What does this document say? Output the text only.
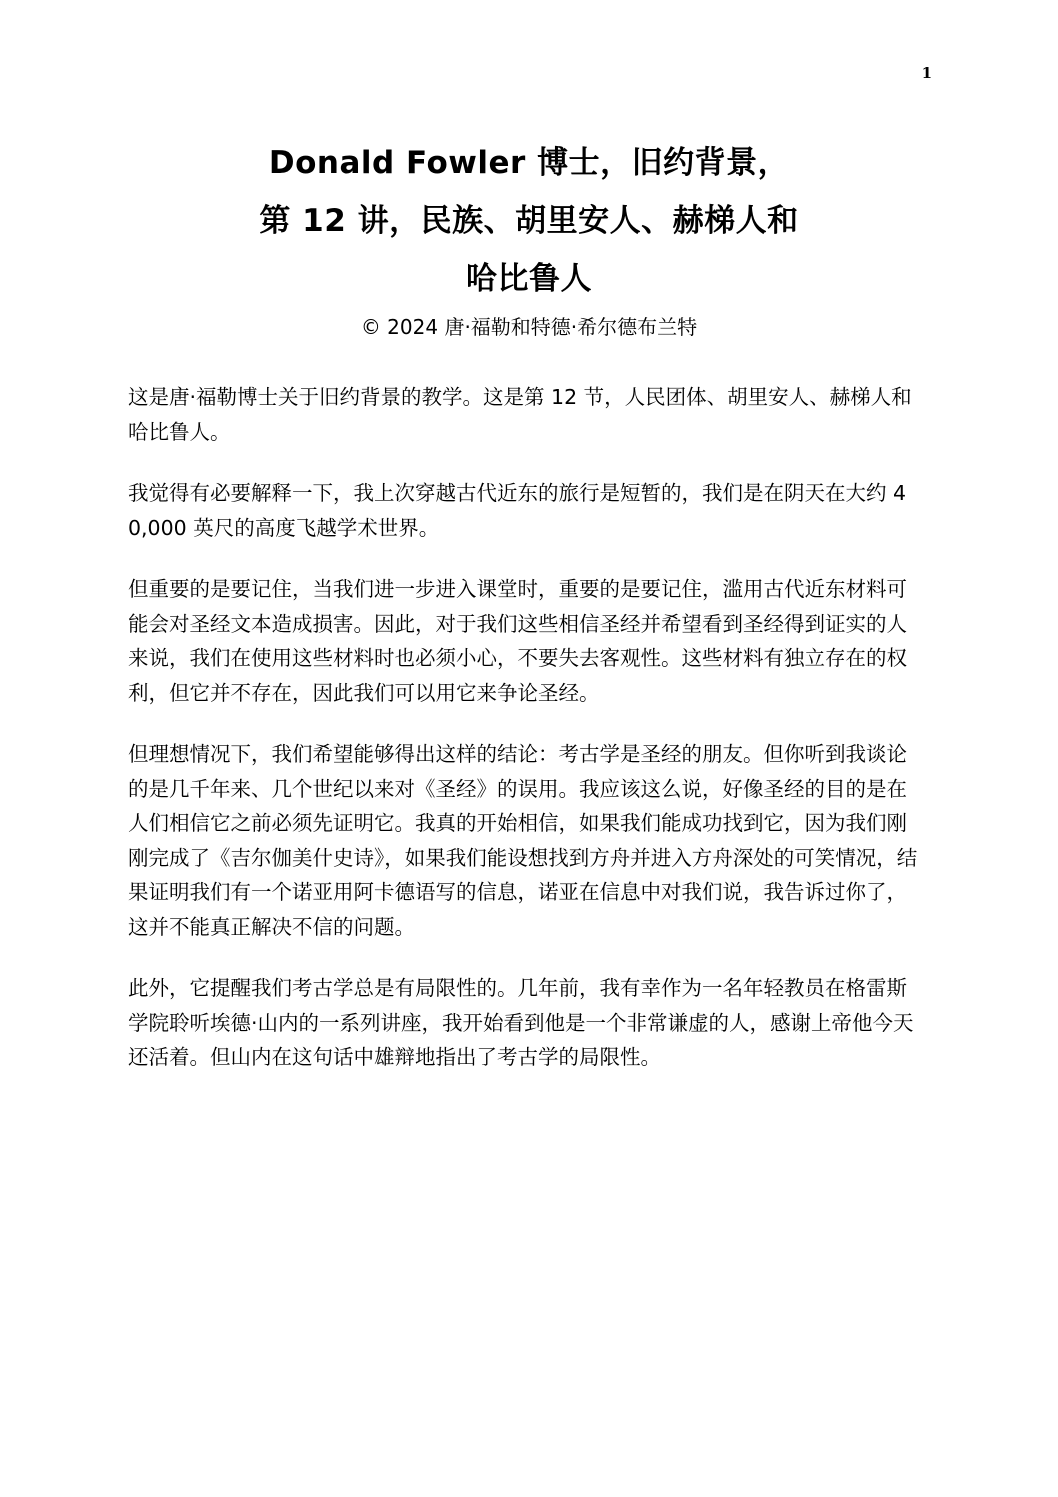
1
Donald Fowler 博士，旧约背景，
第 12 讲，民族、胡里安人、赫梯人和
哈比鲁人
© 2024 唐·福勒和特德·希尔德布兰特

这是唐·福勒博士关于旧约背景的教学。这是第 12 节，人民团体、胡里安人、赫梯人和哈比鲁人。

我觉得有必要解释一下，我上次穿越古代近东的旅行是短暂的，我们是在阴天在大约 40,000 英尺的高度飞越学术世界。

但重要的是要记住，当我们进一步进入课堂时，重要的是要记住，滥用古代近东材料可能会对圣经文本造成损害。因此，对于我们这些相信圣经并希望看到圣经得到证实的人来说，我们在使用这些材料时也必须小心，不要失去客观性。这些材料有独立存在的权利，但它并不存在，因此我们可以用它来争论圣经。

但理想情况下，我们希望能够得出这样的结论：考古学是圣经的朋友。但你听到我谈论的是几千年来、几个世纪以来对《圣经》的误用。我应该这么说，好像圣经的目的是在人们相信它之前必须先证明它。我真的开始相信，如果我们能成功找到它，因为我们刚刚完成了《吉尔伽美什史诗》，如果我们能设想找到方舟并进入方舟深处的可笑情况，结果证明我们有一个诺亚用阿卡德语写的信息，诺亚在信息中对我们说，我告诉过你了，这并不能真正解决不信的问题。

此外，它提醒我们考古学总是有局限性的。几年前，我有幸作为一名年轻教员在格雷斯学院聆听埃德·山内的一系列讲座，我开始看到他是一个非常谦虚的人，感谢上帝他今天还活着。但山内在这句话中雄辩地指出了考古学的局限性。
